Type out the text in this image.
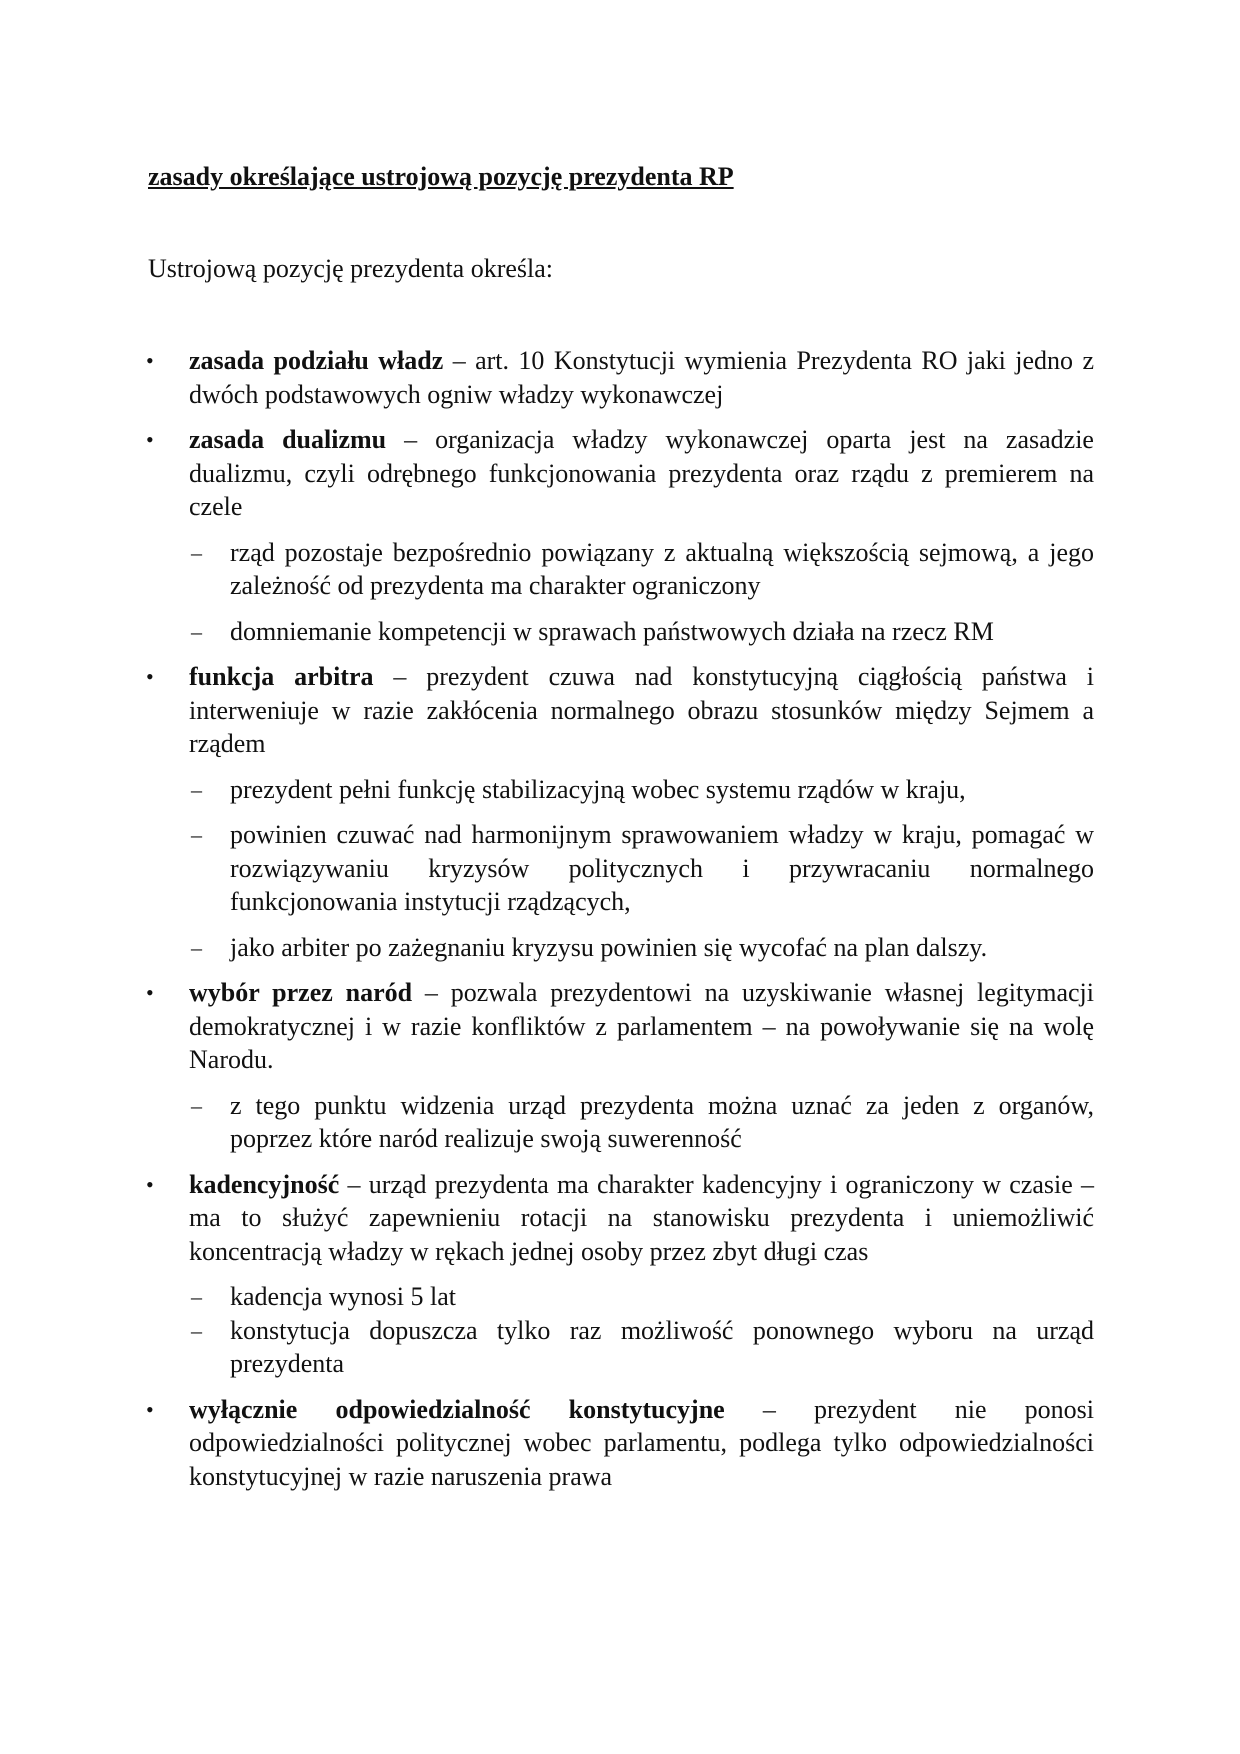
zasady określające ustrojową pozycję prezydenta RP

Ustrojową pozycję prezydenta określa:

• zasada podziału władz – art. 10 Konstytucji wymienia Prezydenta RO jaki jedno z dwóch podstawowych ogniw władzy wykonawczej
• zasada dualizmu – organizacja władzy wykonawczej oparta jest na zasadzie dualizmu, czyli odrębnego funkcjonowania prezydenta oraz rządu z premierem na czele
– rząd pozostaje bezpośrednio powiązany z aktualną większością sejmową, a jego zależność od prezydenta ma charakter ograniczony
– domniemanie kompetencji w sprawach państwowych działa na rzecz RM
• funkcja arbitra – prezydent czuwa nad konstytucyjną ciągłością państwa i interweniuje w razie zakłócenia normalnego obrazu stosunków między Sejmem a rządem
– prezydent pełni funkcję stabilizacyjną wobec systemu rządów w kraju,
– powinien czuwać nad harmonijnym sprawowaniem władzy w kraju, pomagać w rozwiązywaniu kryzysów politycznych i przywracaniu normalnego funkcjonowania instytucji rządzących,
– jako arbiter po zażegnaniu kryzysu powinien się wycofać na plan dalszy.
• wybór przez naród – pozwala prezydentowi na uzyskiwanie własnej legitymacji demokratycznej i w razie konfliktów z parlamentem – na powoływanie się na wolę Narodu.
– z tego punktu widzenia urząd prezydenta można uznać za jeden z organów, poprzez które naród realizuje swoją suwerenność
• kadencyjność – urząd prezydenta ma charakter kadencyjny i ograniczony w czasie – ma to służyć zapewnieniu rotacji na stanowisku prezydenta i uniemożliwić koncentracją władzy w rękach jednej osoby przez zbyt długi czas
– kadencja wynosi 5 lat
– konstytucja dopuszcza tylko raz możliwość ponownego wyboru na urząd prezydenta
• wyłącznie odpowiedzialność konstytucyjne – prezydent nie ponosi odpowiedzialności politycznej wobec parlamentu, podlega tylko odpowiedzialności konstytucyjnej w razie naruszenia prawa
